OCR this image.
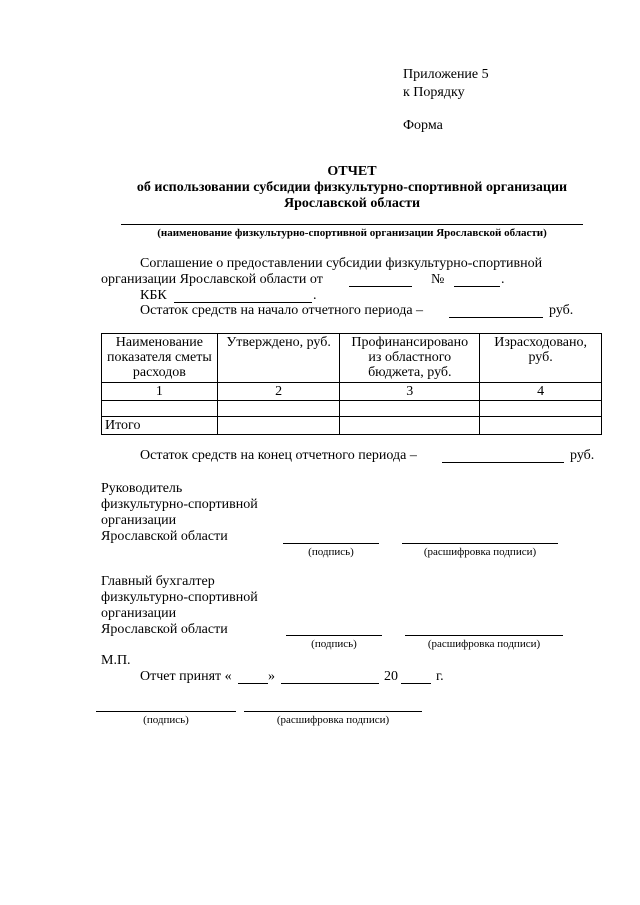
Приложение 5
к Порядку
Форма
ОТЧЕТ
об использовании субсидии физкультурно-спортивной организации
Ярославской области
(наименование физкультурно-спортивной организации Ярославской области)
Соглашение о предоставлении субсидии физкультурно-спортивной
организации Ярославской области от	№	.
КБК	.
Остаток средств на начало отчетного периода –	руб.
Наименование показателя сметы расходов	Утверждено, руб.	Профинансировано из областного бюджета, руб.	Израсходовано, руб.
1	2	3	4

Итого			
Остаток средств на конец отчетного периода –	руб.
Руководитель
физкультурно-спортивной
организации
Ярославской области
(подпись)	(расшифровка подписи)
Главный бухгалтер
физкультурно-спортивной
организации
Ярославской области
(подпись)	(расшифровка подписи)
М.П.
Отчет принят «	»	20	г.
(подпись)	(расшифровка подписи)
